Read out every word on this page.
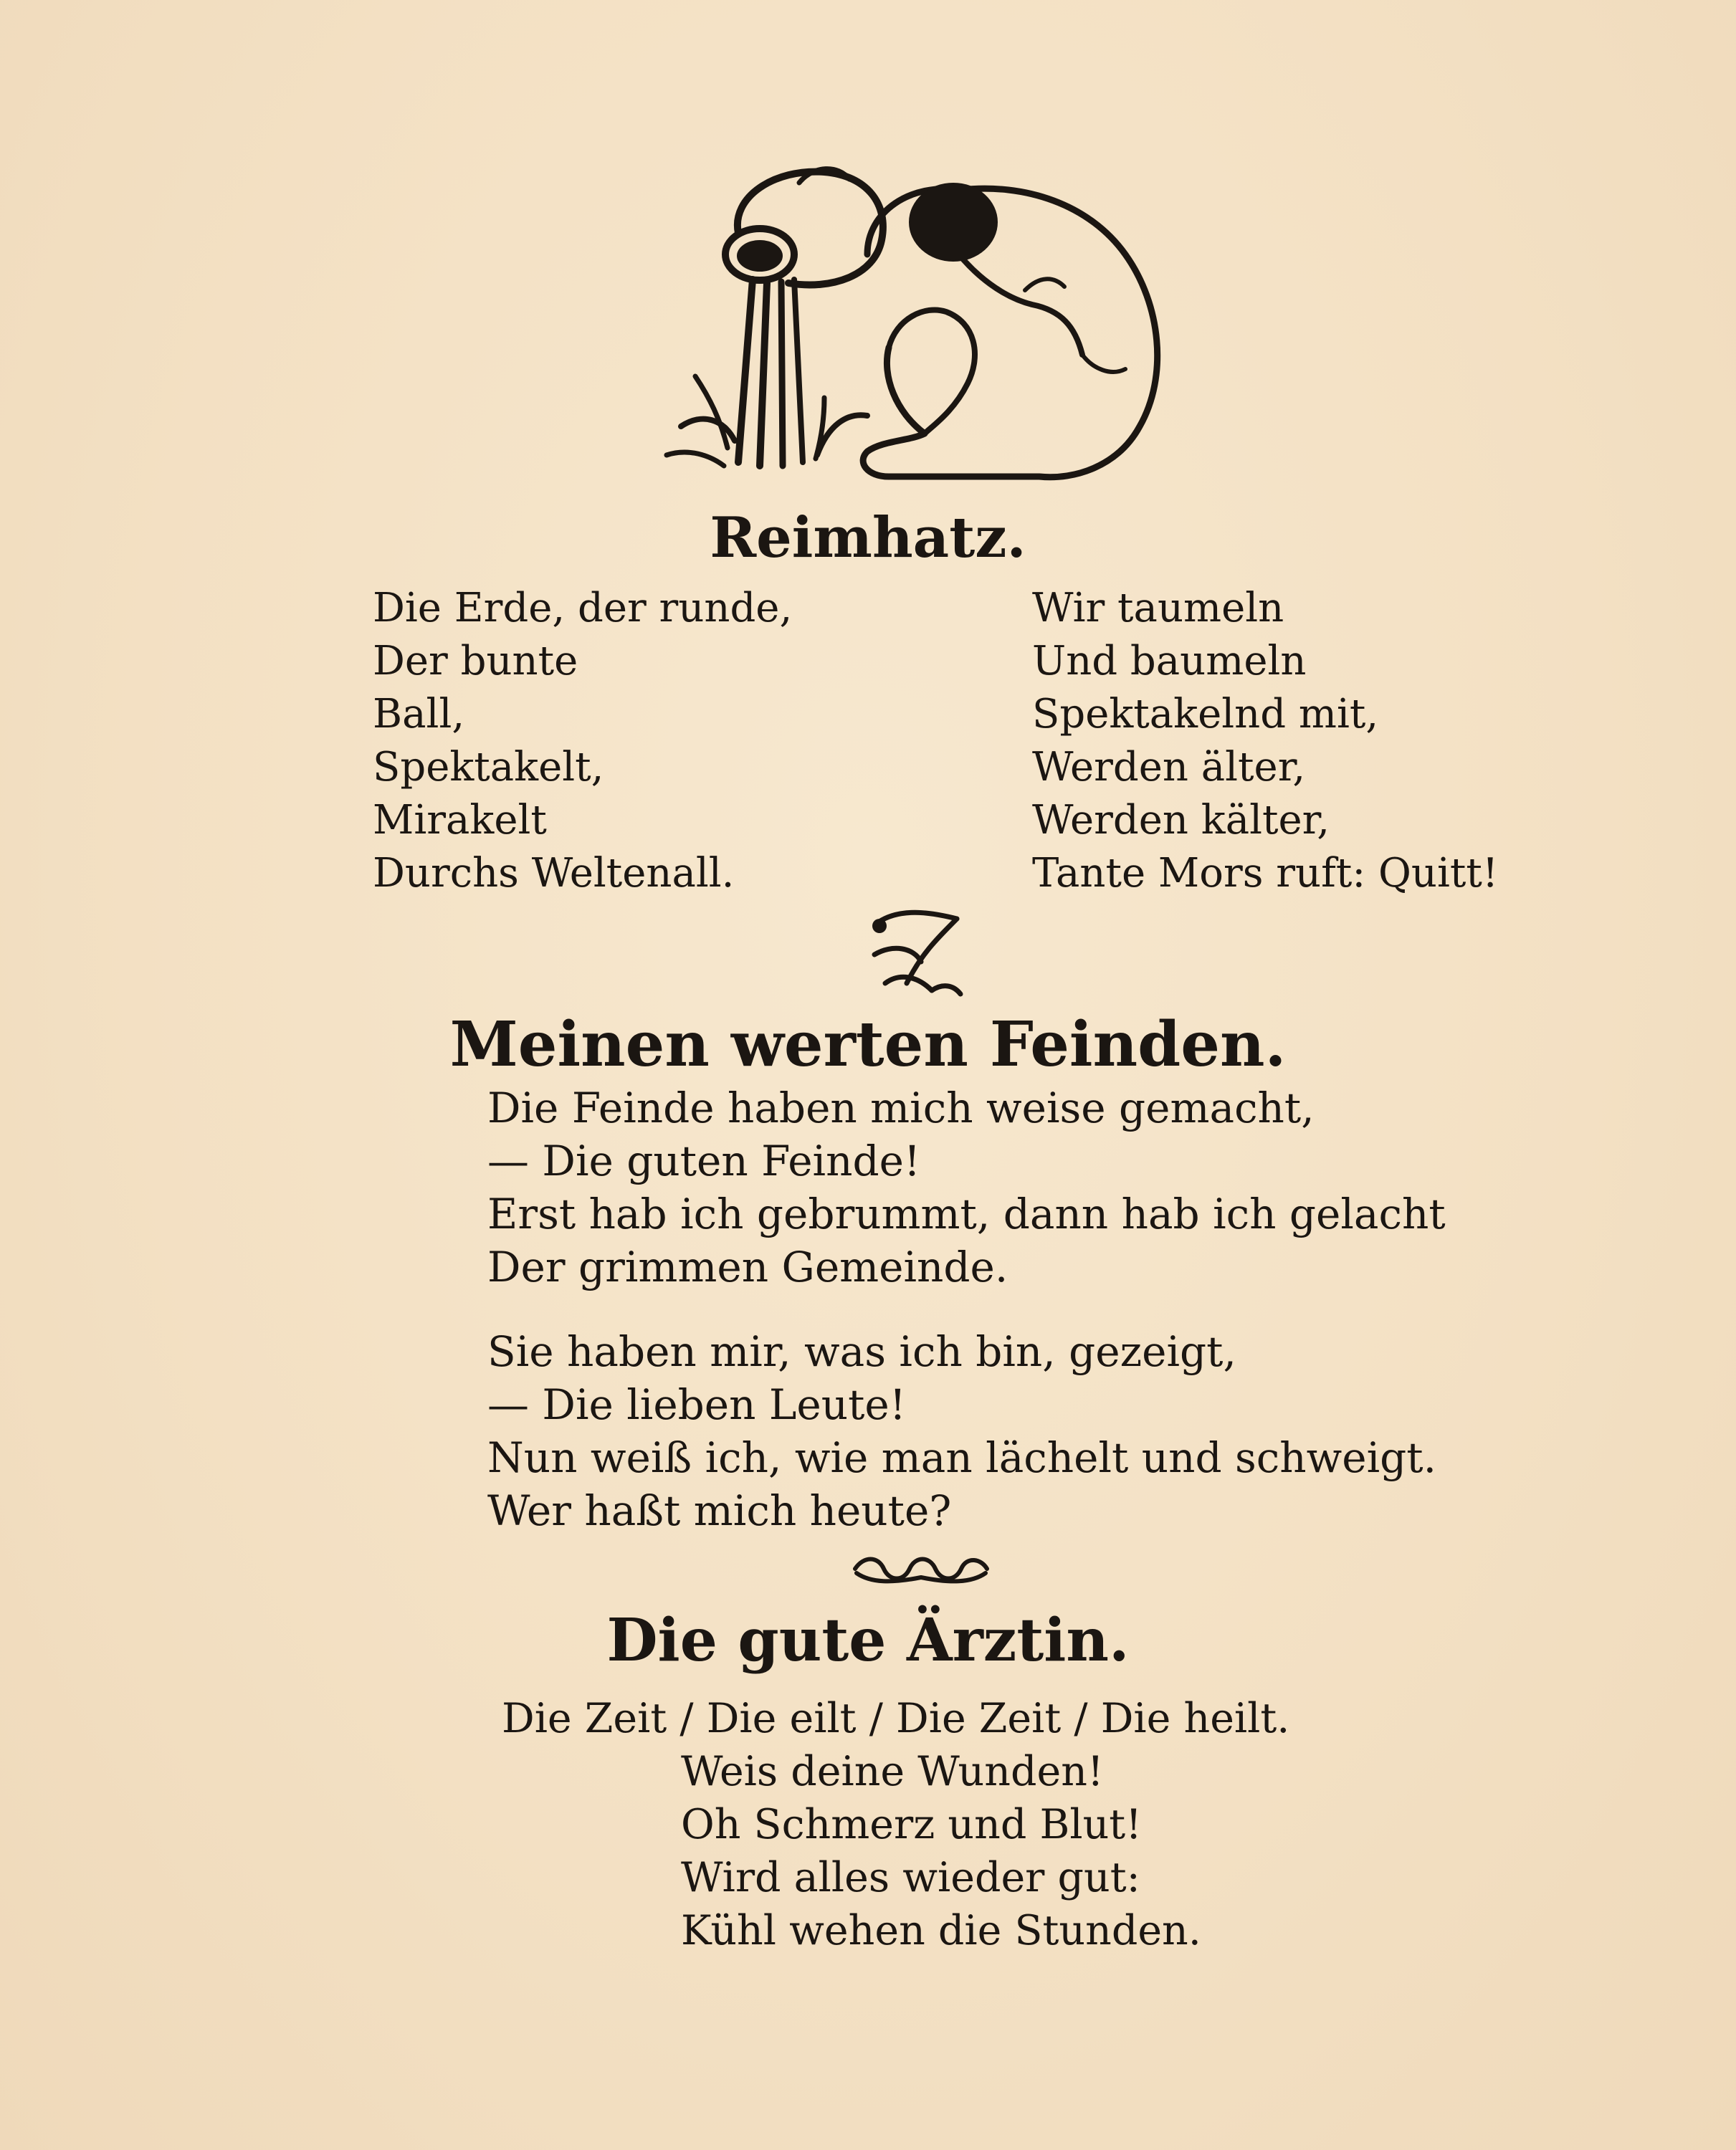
Reimhatz.
Die Erde, der runde,
Der bunte
Ball,
Spektakelt,
Mirakelt
Durchs Weltenall.
Wir taumeln
Und baumeln
Spektakelnd mit,
Werden älter,
Werden kälter,
Tante Mors ruft: Quitt!
Meinen werten Feinden.
Die Feinde haben mich weise gemacht,
— Die guten Feinde!
Erst hab ich gebrummt, dann hab ich gelacht
Der grimmen Gemeinde.
Sie haben mir, was ich bin, gezeigt,
— Die lieben Leute!
Nun weiß ich, wie man lächelt und schweigt.
Wer haßt mich heute?
Die gute Ärztin.
Die Zeit / Die eilt / Die Zeit / Die heilt.
Weis deine Wunden!
Oh Schmerz und Blut!
Wird alles wieder gut:
Kühl wehen die Stunden.
